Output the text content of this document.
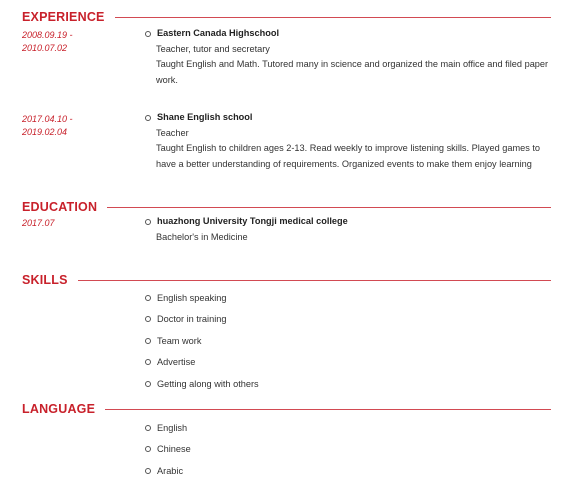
EXPERIENCE
2008.09.19 -
2010.07.02
Eastern Canada Highschool
Teacher, tutor and secretary
Taught English and Math. Tutored many in science and organized the main office and filed paper work.
2017.04.10 -
2019.02.04
Shane English school
Teacher
Taught English to children ages 2-13. Read weekly to improve listening skills. Played games to have a better understanding of requirements. Organized events to make them enjoy learning
EDUCATION
2017.07	huazhong University Tongji medical college
Bachelor's in Medicine
SKILLS
English speaking
Doctor in training
Team work
Advertise
Getting along with others
LANGUAGE
English
Chinese
Arabic
